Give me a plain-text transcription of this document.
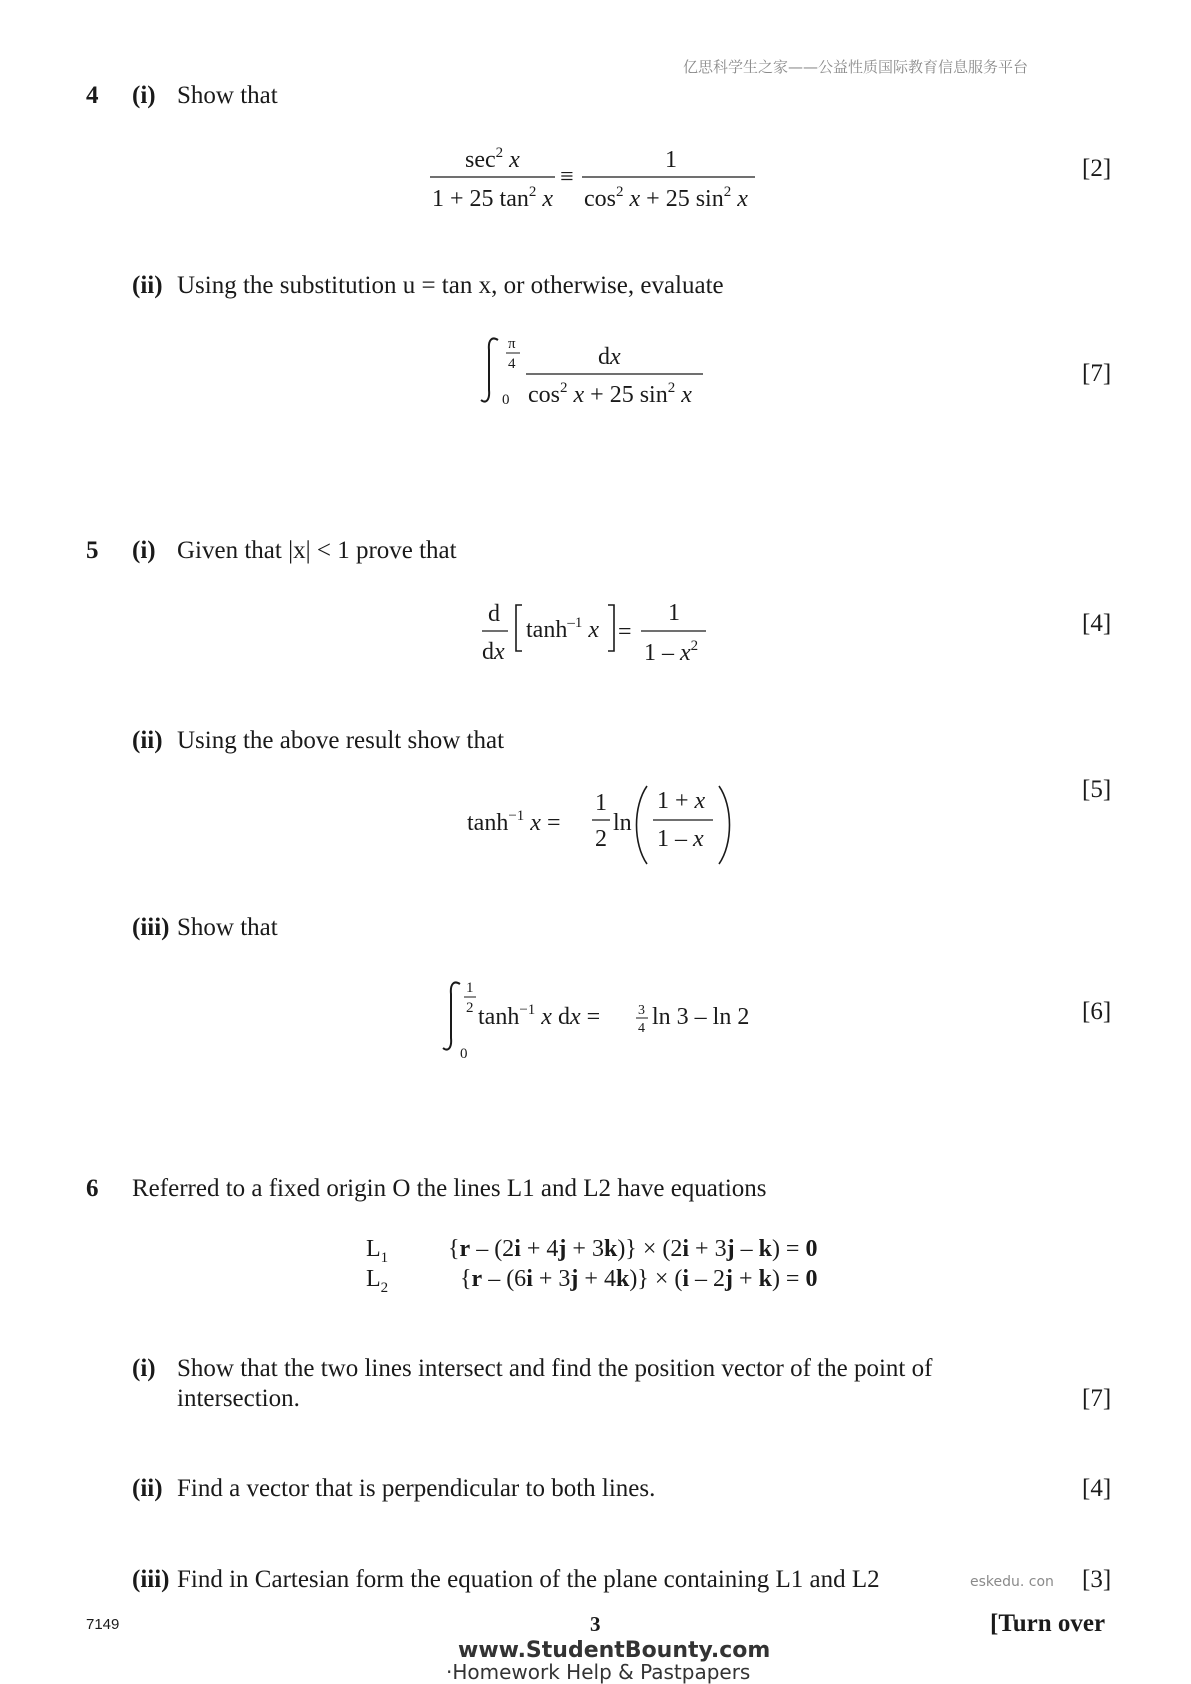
亿思科学生之家——公益性质国际教育信息服务平台
4 (i) Show that
$\sec^2 x$
1 + 25 $\tan^2 x$
≡
1
$\cos^2 x + 25$ $\sin^2 x$
[2]
(ii) Using the substitution u = tan x, or otherwise, evaluate
π
4
0
dx
$\cos^2 x + 25$ $\sin^2 x$
[7]
5 (i) Given that |x| < 1 prove that
d
dx
$\tanh^{-1} x$ =
1
$1 - x^2$
[4]
(ii) Using the above result show that
[5]
$\tanh^{-1} x$ =
1
2
ln
1 + x
1 – x
(iii) Show that
1
2
0
$\tanh^{-1} x$ dx =	3
4 ln 3 – ln 2	[6]
6 Referred to a fixed origin O the lines L1 and L2 have equations
$L_1$ {r – (2i + 4j + 3k)} × (2i + 3j – k) = 0
$L_2$	{r – (6i + 3j + 4k)} × (i – 2j + k) = 0
(i) Show that the two lines intersect and find the position vector of the point of
intersection.	[7]
(ii) Find a vector that is perpendicular to both lines.	[4]
(iii) Find in Cartesian form the equation of the plane containing L1 and L2	eskedu. con [3]
7149	3	[Turn over
www.StudentBounty.com
·Homework Help & Pastpapers
